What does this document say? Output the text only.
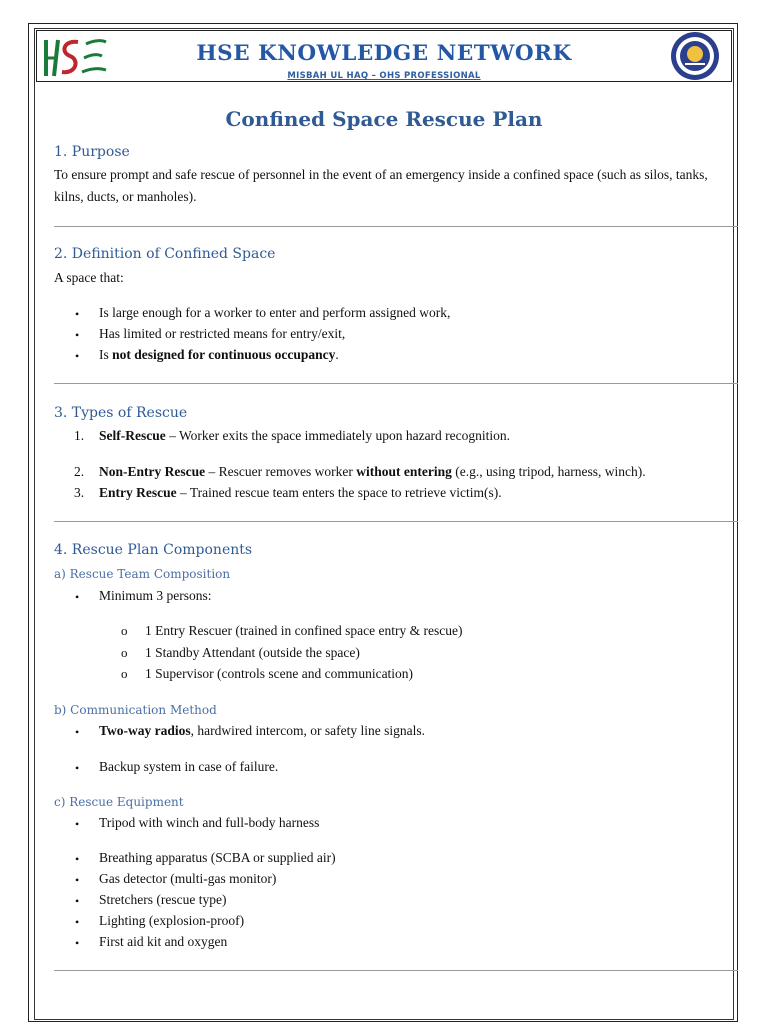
HSE KNOWLEDGE NETWORK
MISBAH UL HAQ – OHS PROFESSIONAL
Confined Space Rescue Plan
1. Purpose
To ensure prompt and safe rescue of personnel in the event of an emergency inside a confined space (such as silos, tanks, kilns, ducts, or manholes).
2. Definition of Confined Space
A space that:
• Is large enough for a worker to enter and perform assigned work,
• Has limited or restricted means for entry/exit,
• Is not designed for continuous occupancy.
3. Types of Rescue
1. Self-Rescue – Worker exits the space immediately upon hazard recognition.
2. Non-Entry Rescue – Rescuer removes worker without entering (e.g., using tripod, harness, winch).
3. Entry Rescue – Trained rescue team enters the space to retrieve victim(s).
4. Rescue Plan Components
a) Rescue Team Composition
• Minimum 3 persons:
o 1 Entry Rescuer (trained in confined space entry & rescue)
o 1 Standby Attendant (outside the space)
o 1 Supervisor (controls scene and communication)
b) Communication Method
• Two-way radios, hardwired intercom, or safety line signals.
• Backup system in case of failure.
c) Rescue Equipment
• Tripod with winch and full-body harness
• Breathing apparatus (SCBA or supplied air)
• Gas detector (multi-gas monitor)
• Stretchers (rescue type)
• Lighting (explosion-proof)
• First aid kit and oxygen
